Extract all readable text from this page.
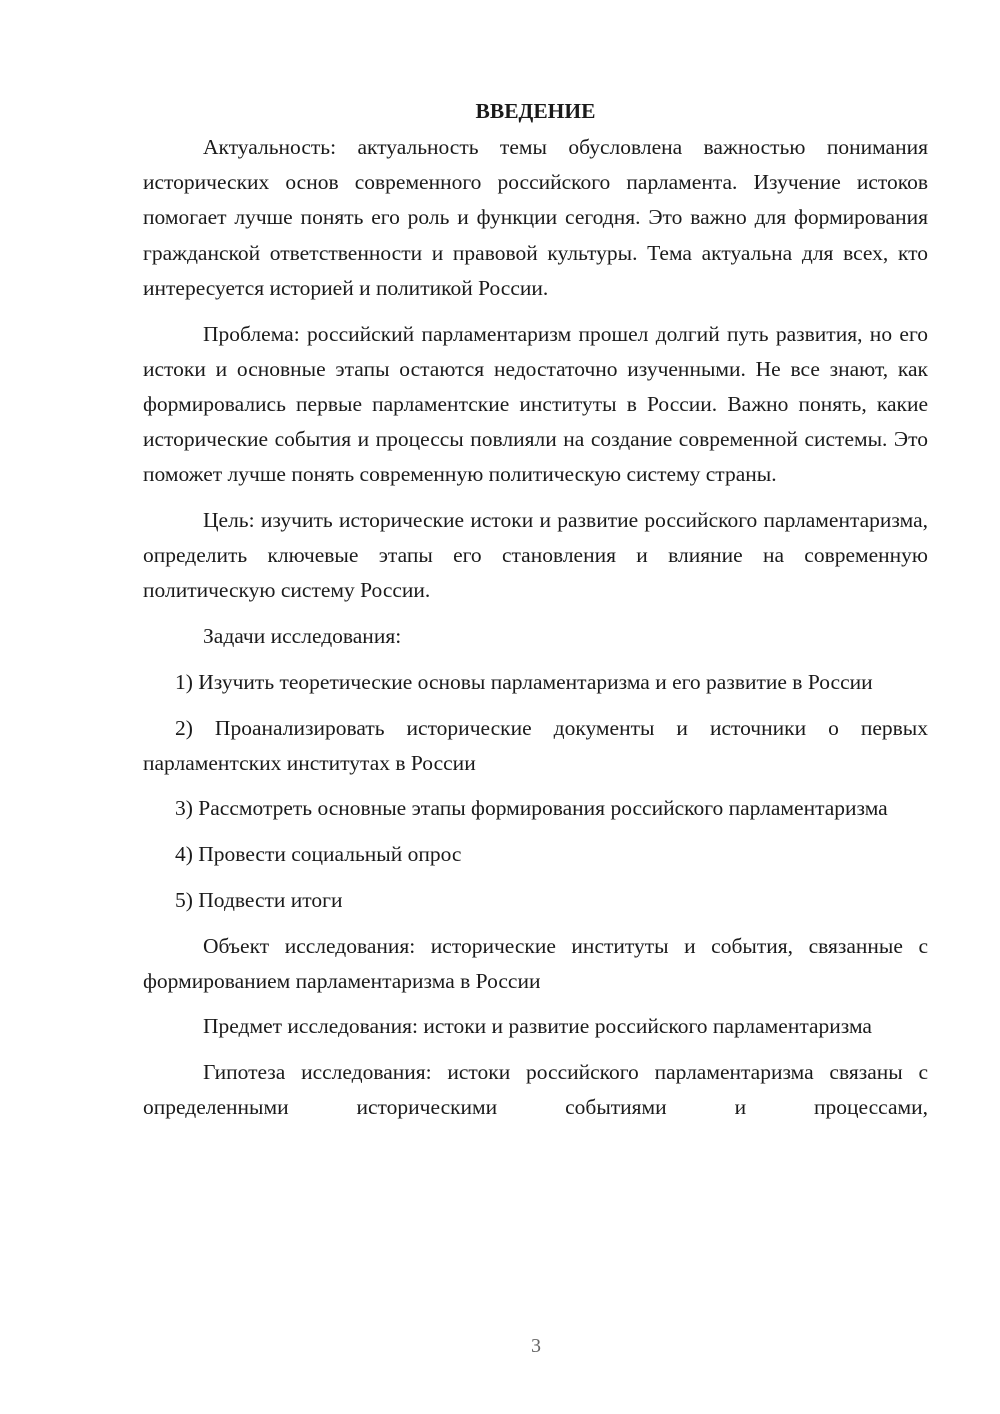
ВВЕДЕНИЕ

Актуальность: актуальность темы обусловлена важностью понимания исторических основ современного российского парламента. Изучение истоков помогает лучше понять его роль и функции сегодня. Это важно для формирования гражданской ответственности и правовой культуры. Тема актуальна для всех, кто интересуется историей и политикой России.

Проблема: российский парламентаризм прошел долгий путь развития, но его истоки и основные этапы остаются недостаточно изученными. Не все знают, как формировались первые парламентские институты в России. Важно понять, какие исторические события и процессы повлияли на создание современной системы. Это поможет лучше понять современную политическую систему страны.

Цель: изучить исторические истоки и развитие российского парламентаризма, определить ключевые этапы его становления и влияние на современную политическую систему России.

Задачи исследования:

1) Изучить теоретические основы парламентаризма и его развитие в России

2) Проанализировать исторические документы и источники о первых парламентских институтах в России

3) Рассмотреть основные этапы формирования российского парламентаризма

4) Провести социальный опрос

5) Подвести итоги

Объект исследования: исторические институты и события, связанные с формированием парламентаризма в России

Предмет исследования: истоки и развитие российского парламентаризма

Гипотеза исследования: истоки российского парламентаризма связаны с определенными историческими событиями и процессами,

3
